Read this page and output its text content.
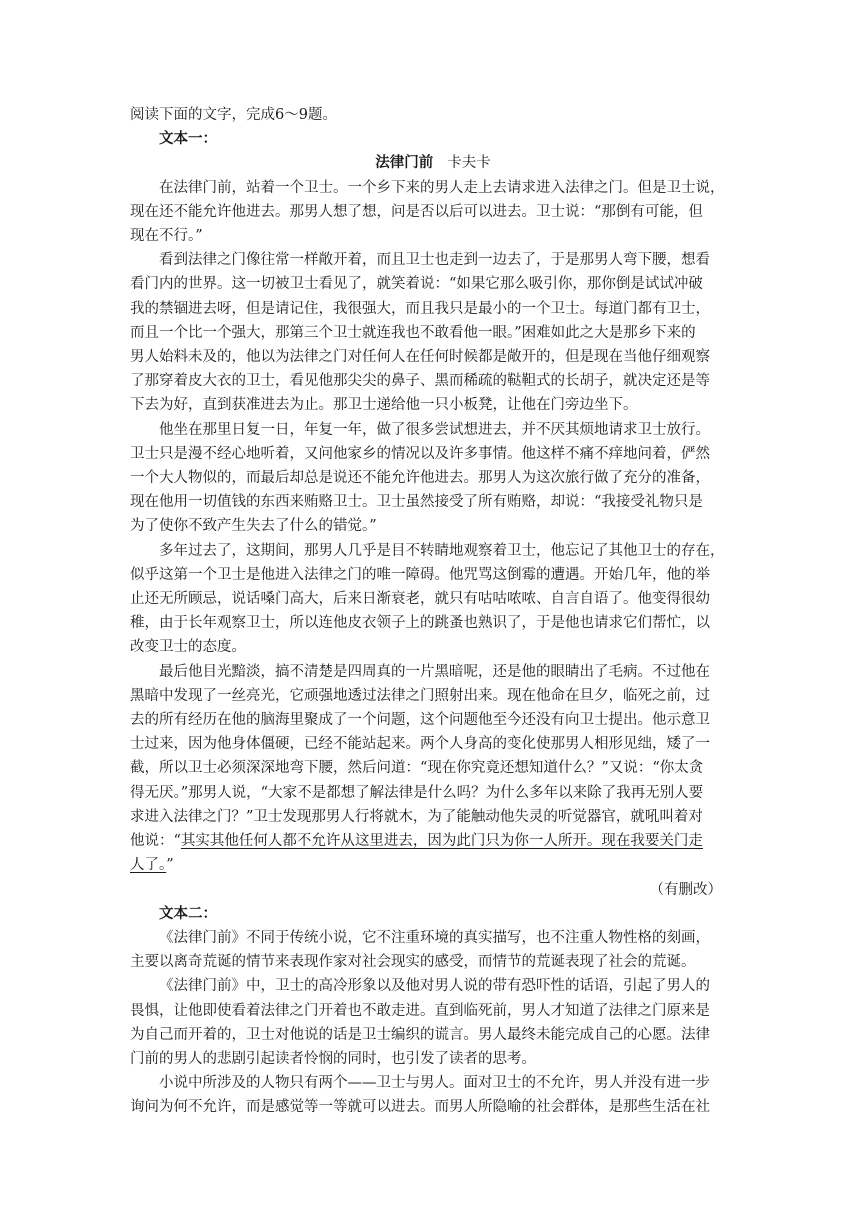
阅读下面的文字，完成6～9题。
文本一：
法律门前 卡夫卡
在法律门前，站着一个卫士。一个乡下来的男人走上去请求进入法律之门。但是卫士说，
现在还不能允许他进去。那男人想了想，问是否以后可以进去。卫士说：“那倒有可能，但
现在不行。”
看到法律之门像往常一样敞开着，而且卫士也走到一边去了，于是那男人弯下腰，想看
看门内的世界。这一切被卫士看见了，就笑着说：“如果它那么吸引你，那你倒是试试冲破
我的禁锢进去呀，但是请记住，我很强大，而且我只是最小的一个卫士。每道门都有卫士，
而且一个比一个强大，那第三个卫士就连我也不敢看他一眼。”困难如此之大是那乡下来的
男人始料未及的，他以为法律之门对任何人在任何时候都是敞开的，但是现在当他仔细观察
了那穿着皮大衣的卫士，看见他那尖尖的鼻子、黑而稀疏的鞑靼式的长胡子，就决定还是等
下去为好，直到获准进去为止。那卫士递给他一只小板凳，让他在门旁边坐下。
他坐在那里日复一日，年复一年，做了很多尝试想进去，并不厌其烦地请求卫士放行。
卫士只是漫不经心地听着，又问他家乡的情况以及许多事情。他这样不痛不痒地问着，俨然
一个大人物似的，而最后却总是说还不能允许他进去。那男人为这次旅行做了充分的准备，
现在他用一切值钱的东西来贿赂卫士。卫士虽然接受了所有贿赂，却说：“我接受礼物只是
为了使你不致产生失去了什么的错觉。”
多年过去了，这期间，那男人几乎是目不转睛地观察着卫士，他忘记了其他卫士的存在，
似乎这第一个卫士是他进入法律之门的唯一障碍。他咒骂这倒霉的遭遇。开始几年，他的举
止还无所顾忌，说话嗓门高大，后来日渐衰老，就只有咕咕哝哝、自言自语了。他变得很幼
稚，由于长年观察卫士，所以连他皮衣领子上的跳蚤也熟识了，于是他也请求它们帮忙，以
改变卫士的态度。
最后他目光黯淡，搞不清楚是四周真的一片黑暗呢，还是他的眼睛出了毛病。不过他在
黑暗中发现了一丝亮光，它顽强地透过法律之门照射出来。现在他命在旦夕，临死之前，过
去的所有经历在他的脑海里聚成了一个问题，这个问题他至今还没有向卫士提出。他示意卫
士过来，因为他身体僵硬，已经不能站起来。两个人身高的变化使那男人相形见绌，矮了一
截，所以卫士必须深深地弯下腰，然后问道：“现在你究竟还想知道什么？”又说：“你太贪
得无厌。”那男人说，“大家不是都想了解法律是什么吗？为什么多年以来除了我再无别人要
求进入法律之门？”卫士发现那男人行将就木，为了能触动他失灵的听觉器官，就吼叫着对
他说：“其实其他任何人都不允许从这里进去，因为此门只为你一人所开。现在我要关门走
人了。”
（有删改）
文本二：
《法律门前》不同于传统小说，它不注重环境的真实描写，也不注重人物性格的刻画，
主要以离奇荒诞的情节来表现作家对社会现实的感受，而情节的荒诞表现了社会的荒诞。
《法律门前》中，卫士的高冷形象以及他对男人说的带有恐吓性的话语，引起了男人的
畏惧，让他即使看着法律之门开着也不敢走进。直到临死前，男人才知道了法律之门原来是
为自己而开着的，卫士对他说的话是卫士编织的谎言。男人最终未能完成自己的心愿。法律
门前的男人的悲剧引起读者怜悯的同时，也引发了读者的思考。
小说中所涉及的人物只有两个——卫士与男人。面对卫士的不允许，男人并没有进一步
询问为何不允许，而是感觉等一等就可以进去。而男人所隐喻的社会群体，是那些生活在社
